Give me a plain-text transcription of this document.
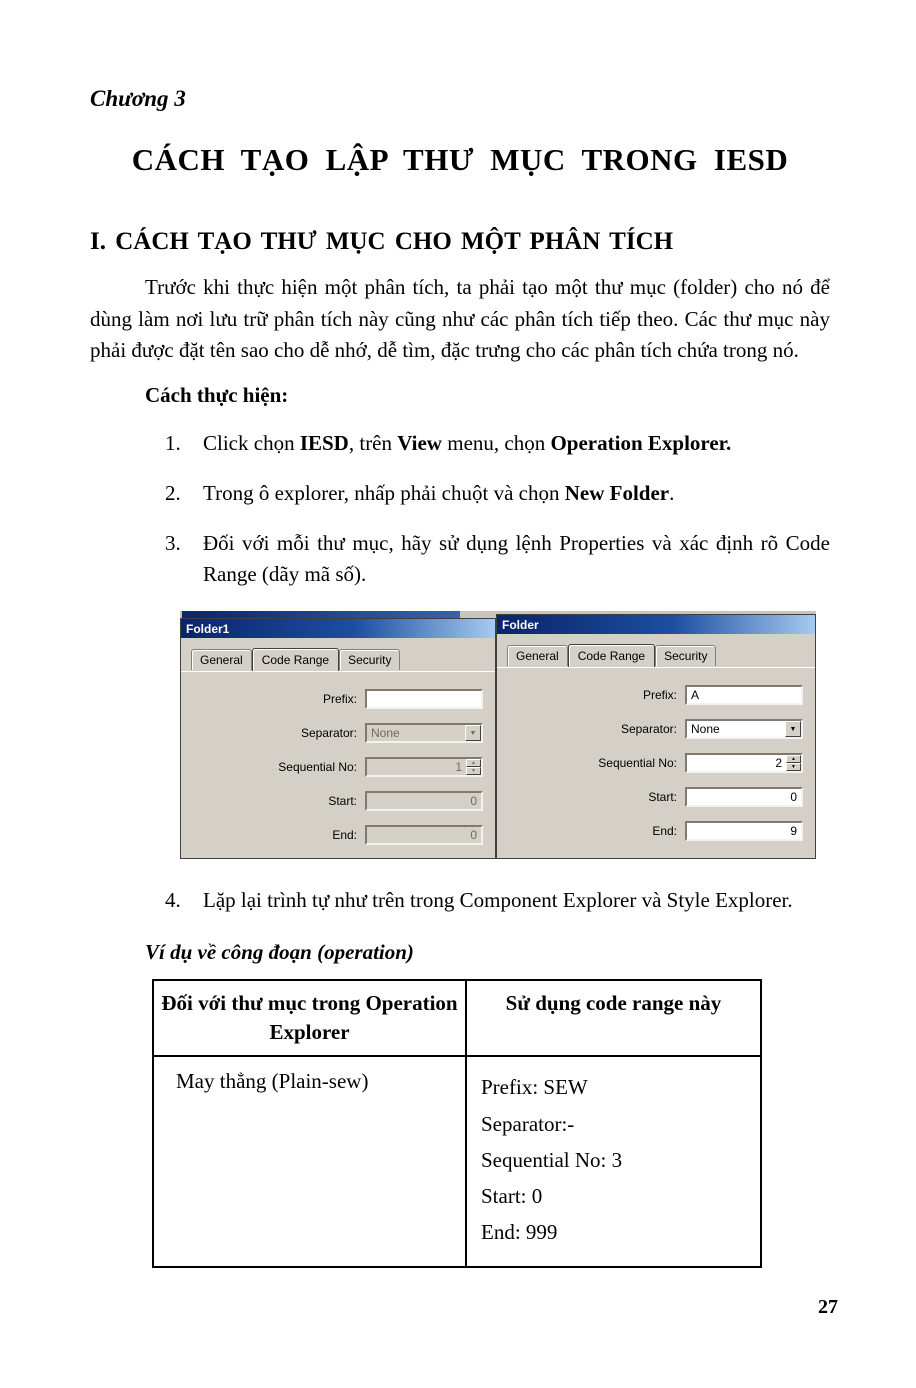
Chương 3
CÁCH TẠO LẬP THƯ MỤC TRONG IESD
I. CÁCH TẠO THƯ MỤC CHO MỘT PHÂN TÍCH

Trước khi thực hiện một phân tích, ta phải tạo một thư mục (folder) cho nó để dùng làm nơi lưu trữ phân tích này cũng như các phân tích tiếp theo. Các thư mục này phải được đặt tên sao cho dễ nhớ, dễ tìm, đặc trưng cho các phân tích chứa trong nó.

Cách thực hiện:
1.	Click chọn IESD, trên View menu, chọn Operation Explorer.
2.	Trong ô explorer, nhấp phải chuột và chọn New Folder.
3.	Đối với mỗi thư mục, hãy sử dụng lệnh Properties và xác định rõ Code Range (dãy mã số).
Folder1
General	Code Range	Security
Prefix:
Separator:	None	▼
Sequential No:	1	▲
▼
Start:	0
End:	0
Folder
General	Code Range	Security
Prefix:	A
Separator:	None	▼
Sequential No:	2	▲
▼
Start:	0
End:	9
4.	Lặp lại trình tự như trên trong Component Explorer và Style Explorer.
Ví dụ về công đoạn (operation)
Đối với thư mục trong Operation Explorer	Sử dụng code range này
May thẳng (Plain-sew)	Prefix: SEW
Separator:-
Sequential No: 3
Start: 0
End: 999
27
